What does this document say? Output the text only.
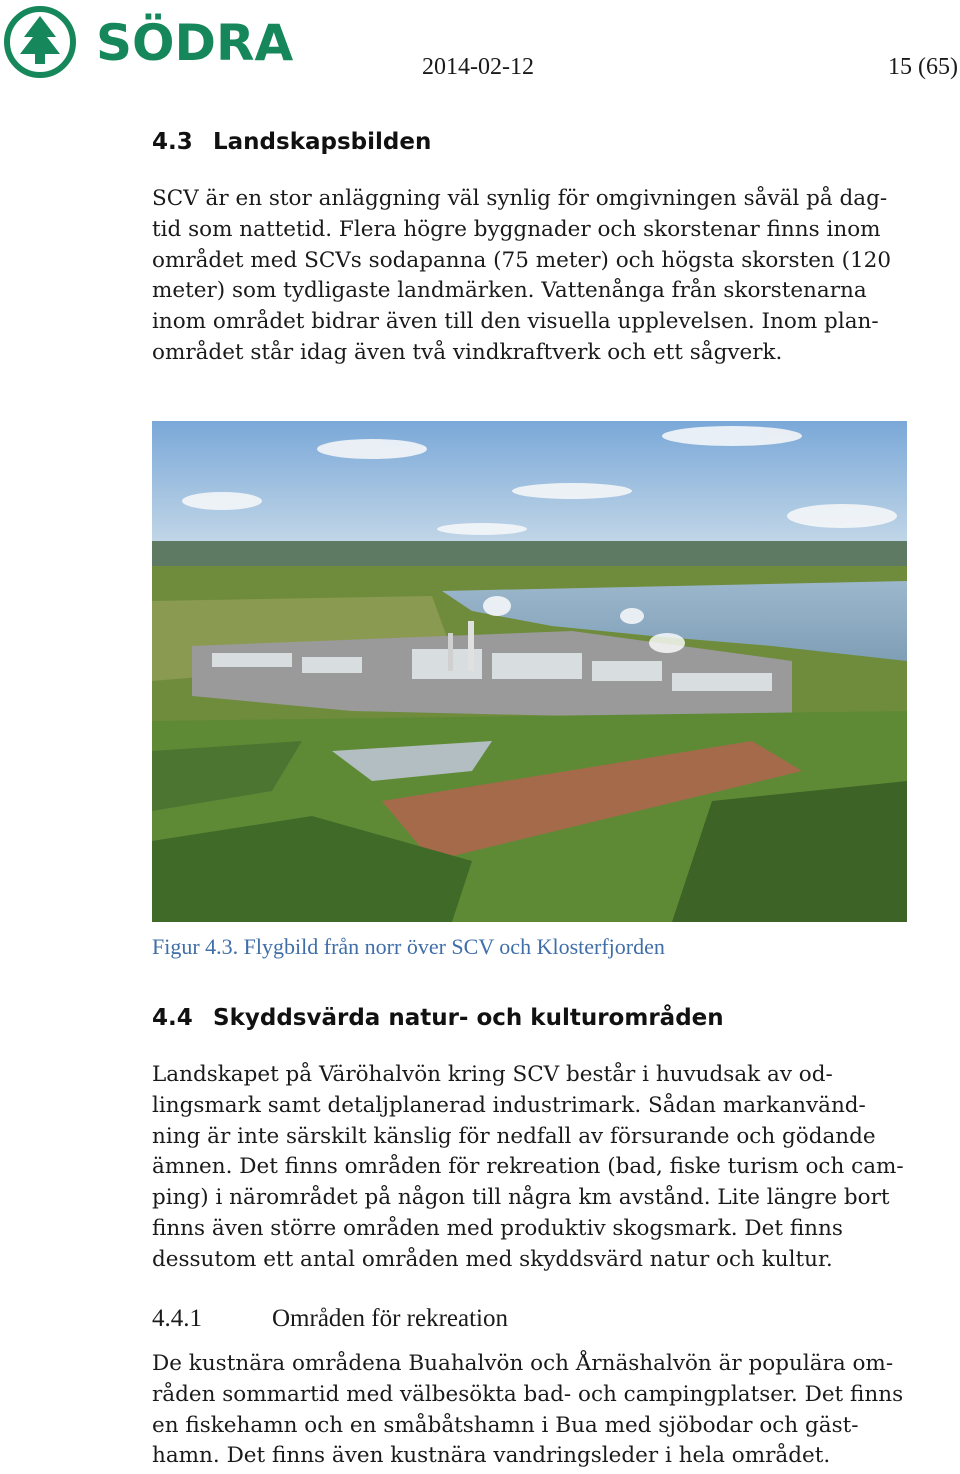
SÖDRA	2014-02-12	15 (65)
4.3 Landskapsbilden
SCV är en stor anläggning väl synlig för omgivningen såväl på dag-
tid som nattetid. Flera högre byggnader och skorstenar finns inom
området med SCVs sodapanna (75 meter) och högsta skorsten (120
meter) som tydligaste landmärken. Vattenånga från skorstenarna
inom området bidrar även till den visuella upplevelsen. Inom plan-
området står idag även två vindkraftverk och ett sågverk.
Figur 4.3. Flygbild från norr över SCV och Klosterfjorden
4.4 Skyddsvärda natur- och kulturområden
Landskapet på Väröhalvön kring SCV består i huvudsak av od-
lingsmark samt detaljplanerad industrimark. Sådan markanvänd-
ning är inte särskilt känslig för nedfall av försurande och gödande
ämnen. Det finns områden för rekreation (bad, fiske turism och cam-
ping) i närområdet på någon till några km avstånd. Lite längre bort
finns även större områden med produktiv skogsmark. Det finns
dessutom ett antal områden med skyddsvärd natur och kultur.
4.4.1	Områden för rekreation
De kustnära områdena Buahalvön och Årnäshalvön är populära om-
råden sommartid med välbesökta bad- och campingplatser. Det finns
en fiskehamn och en småbåtshamn i Bua med sjöbodar och gäst-
hamn. Det finns även kustnära vandringsleder i hela området.
